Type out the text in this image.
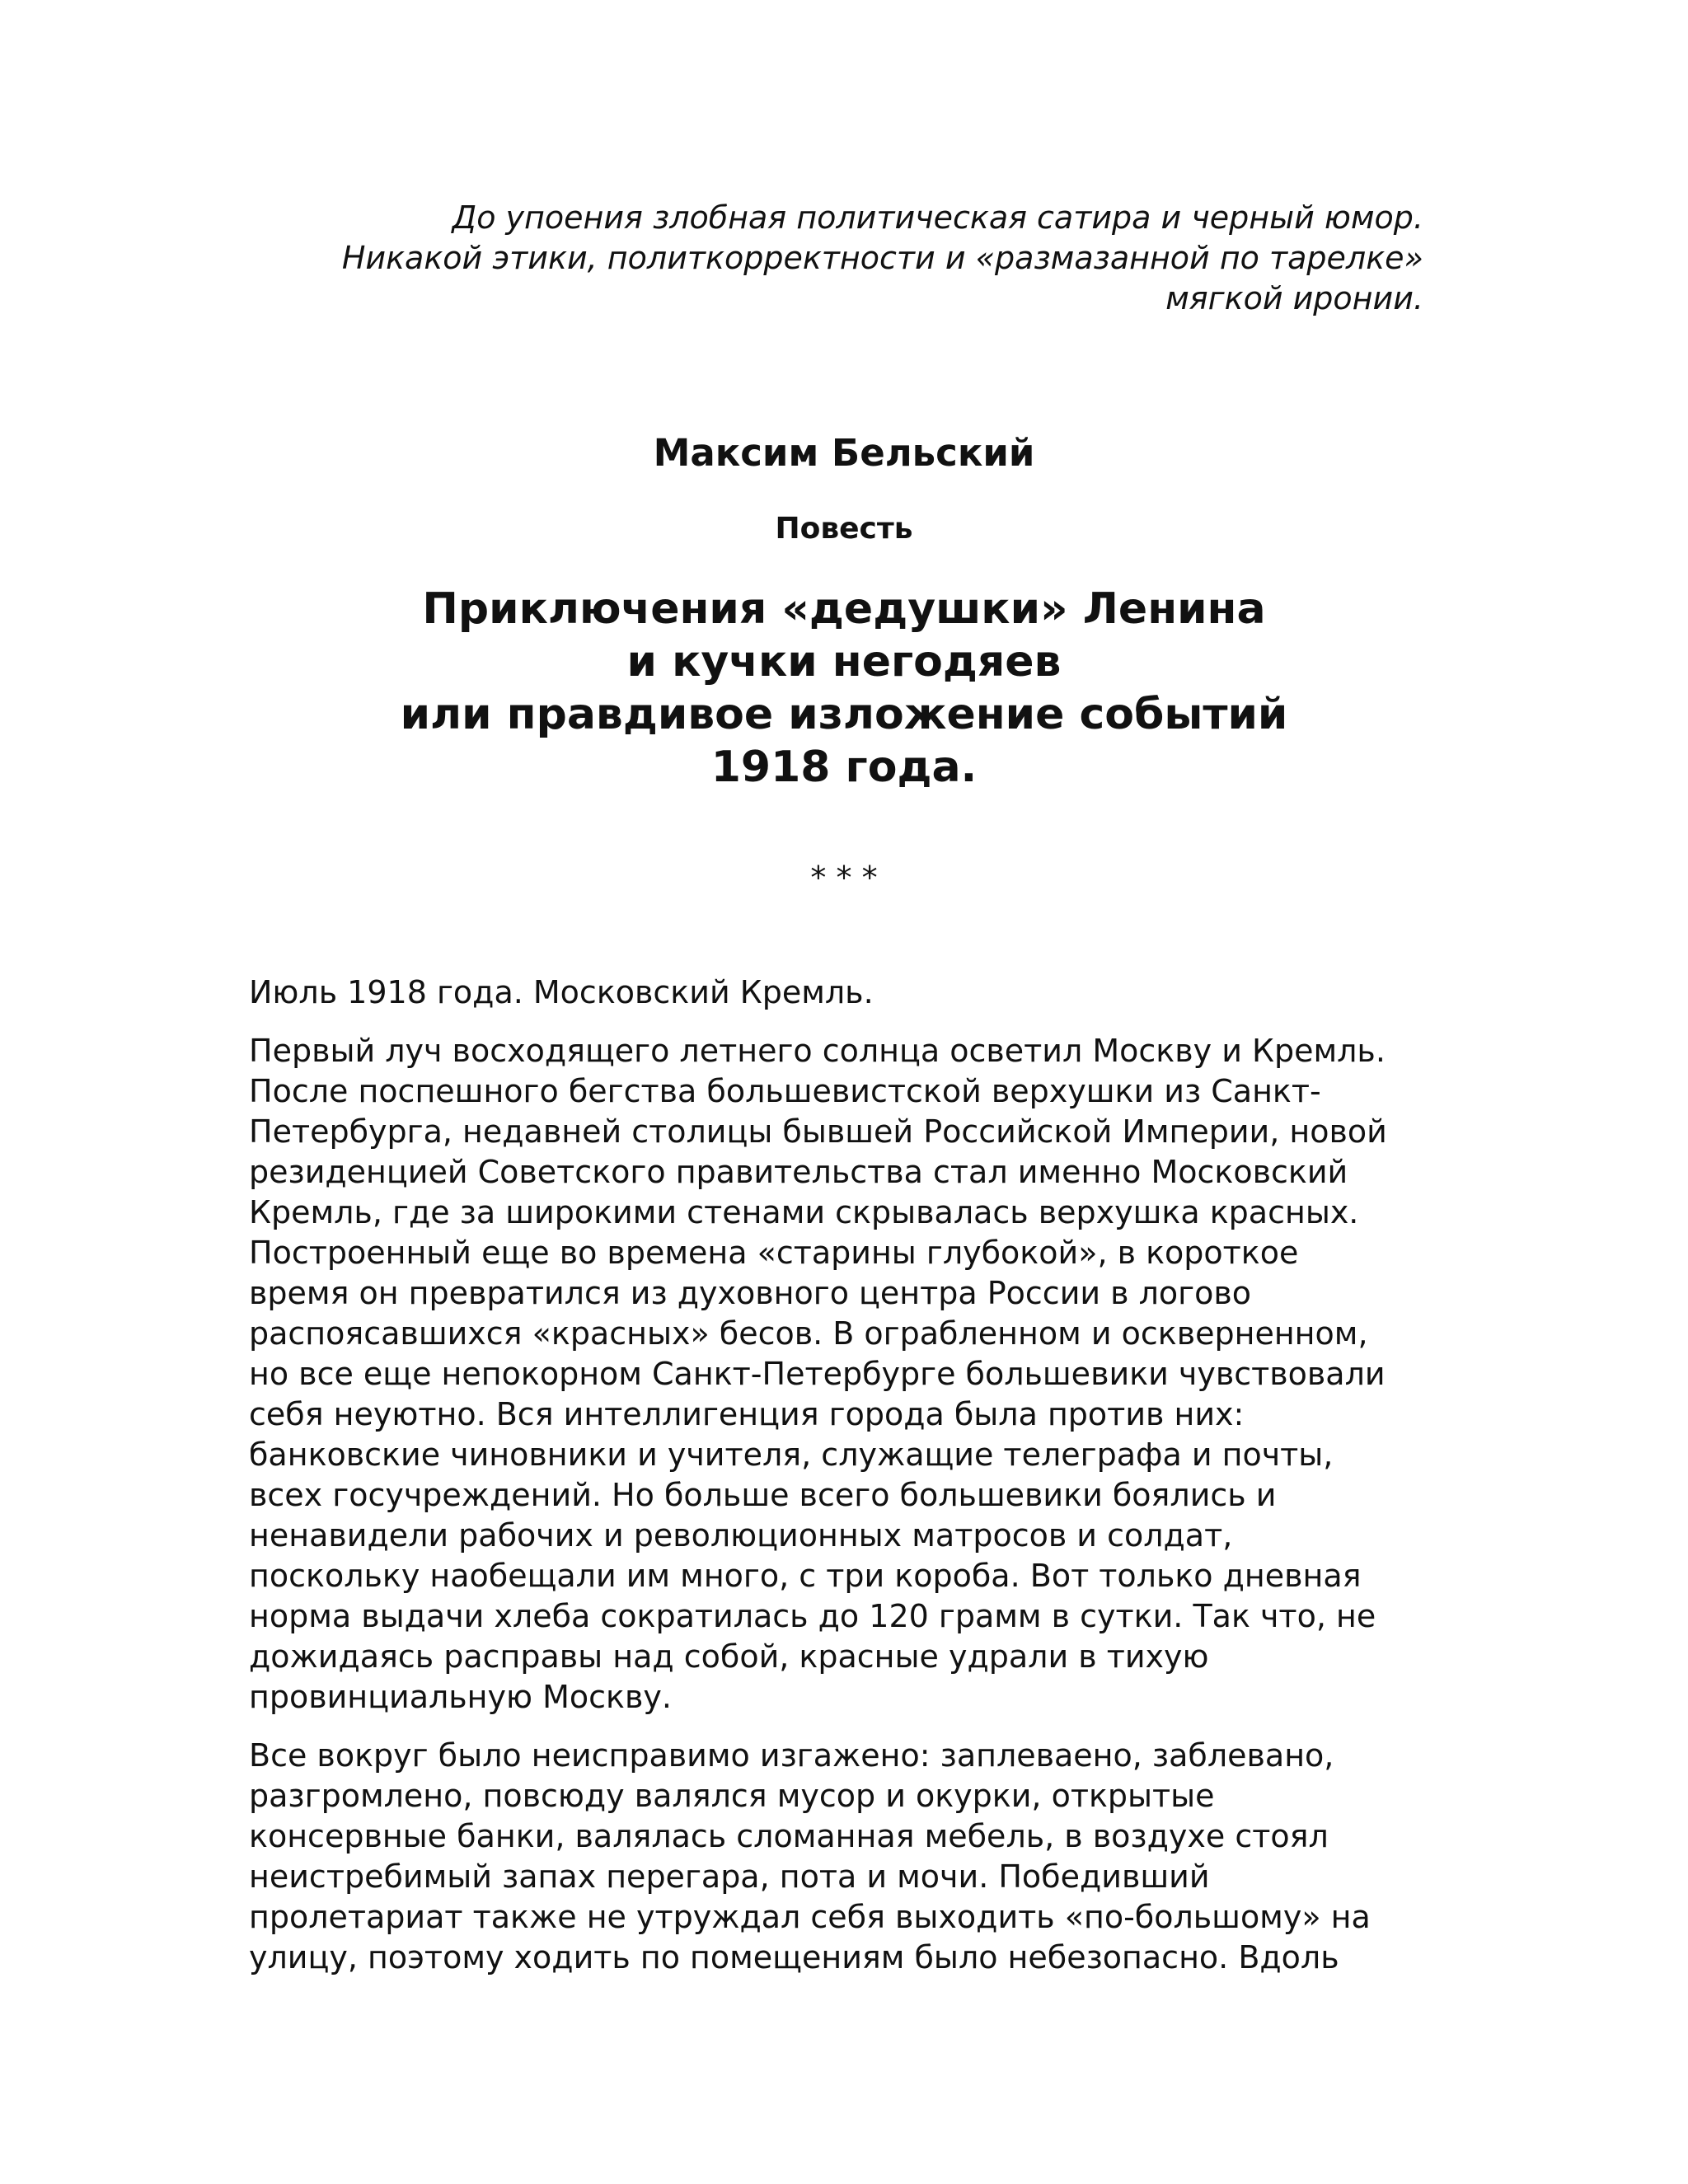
До упоения злобная политическая сатира и черный юмор.
Никакой этики, политкорректности и «размазанной по тарелке»
мягкой иронии.
Максим Бельский
Повесть
Приключения «дедушки» Ленина
и кучки негодяев
или правдивое изложение событий
1918 года.
* * *
Июль 1918 года. Московский Кремль.
Первый луч восходящего летнего солнца осветил Москву и Кремль.
После поспешного бегства большевистской верхушки из Санкт-
Петербурга, недавней столицы бывшей Российской Империи, новой
резиденцией Советского правительства стал именно Московский
Кремль, где за широкими стенами скрывалась верхушка красных.
Построенный еще во времена «старины глубокой», в короткое
время он превратился из духовного центра России в логово
распоясавшихся «красных» бесов. В ограбленном и оскверненном,
но все еще непокорном Санкт-Петербурге большевики чувствовали
себя неуютно. Вся интеллигенция города была против них:
банковские чиновники и учителя, служащие телеграфа и почты,
всех госучреждений. Но больше всего большевики боялись и
ненавидели рабочих и революционных матросов и солдат,
поскольку наобещали им много, с три короба. Вот только дневная
норма выдачи хлеба сократилась до 120 грамм в сутки. Так что, не
дожидаясь расправы над собой, красные удрали в тихую
провинциальную Москву.
Все вокруг было неисправимо изгажено: заплеваено, заблевано,
разгромлено, повсюду валялся мусор и окурки, открытые
консервные банки, валялась сломанная мебель, в воздухе стоял
неистребимый запах перегара, пота и мочи. Победивший
пролетариат также не утруждал себя выходить «по-большому» на
улицу, поэтому ходить по помещениям было небезопасно. Вдоль
